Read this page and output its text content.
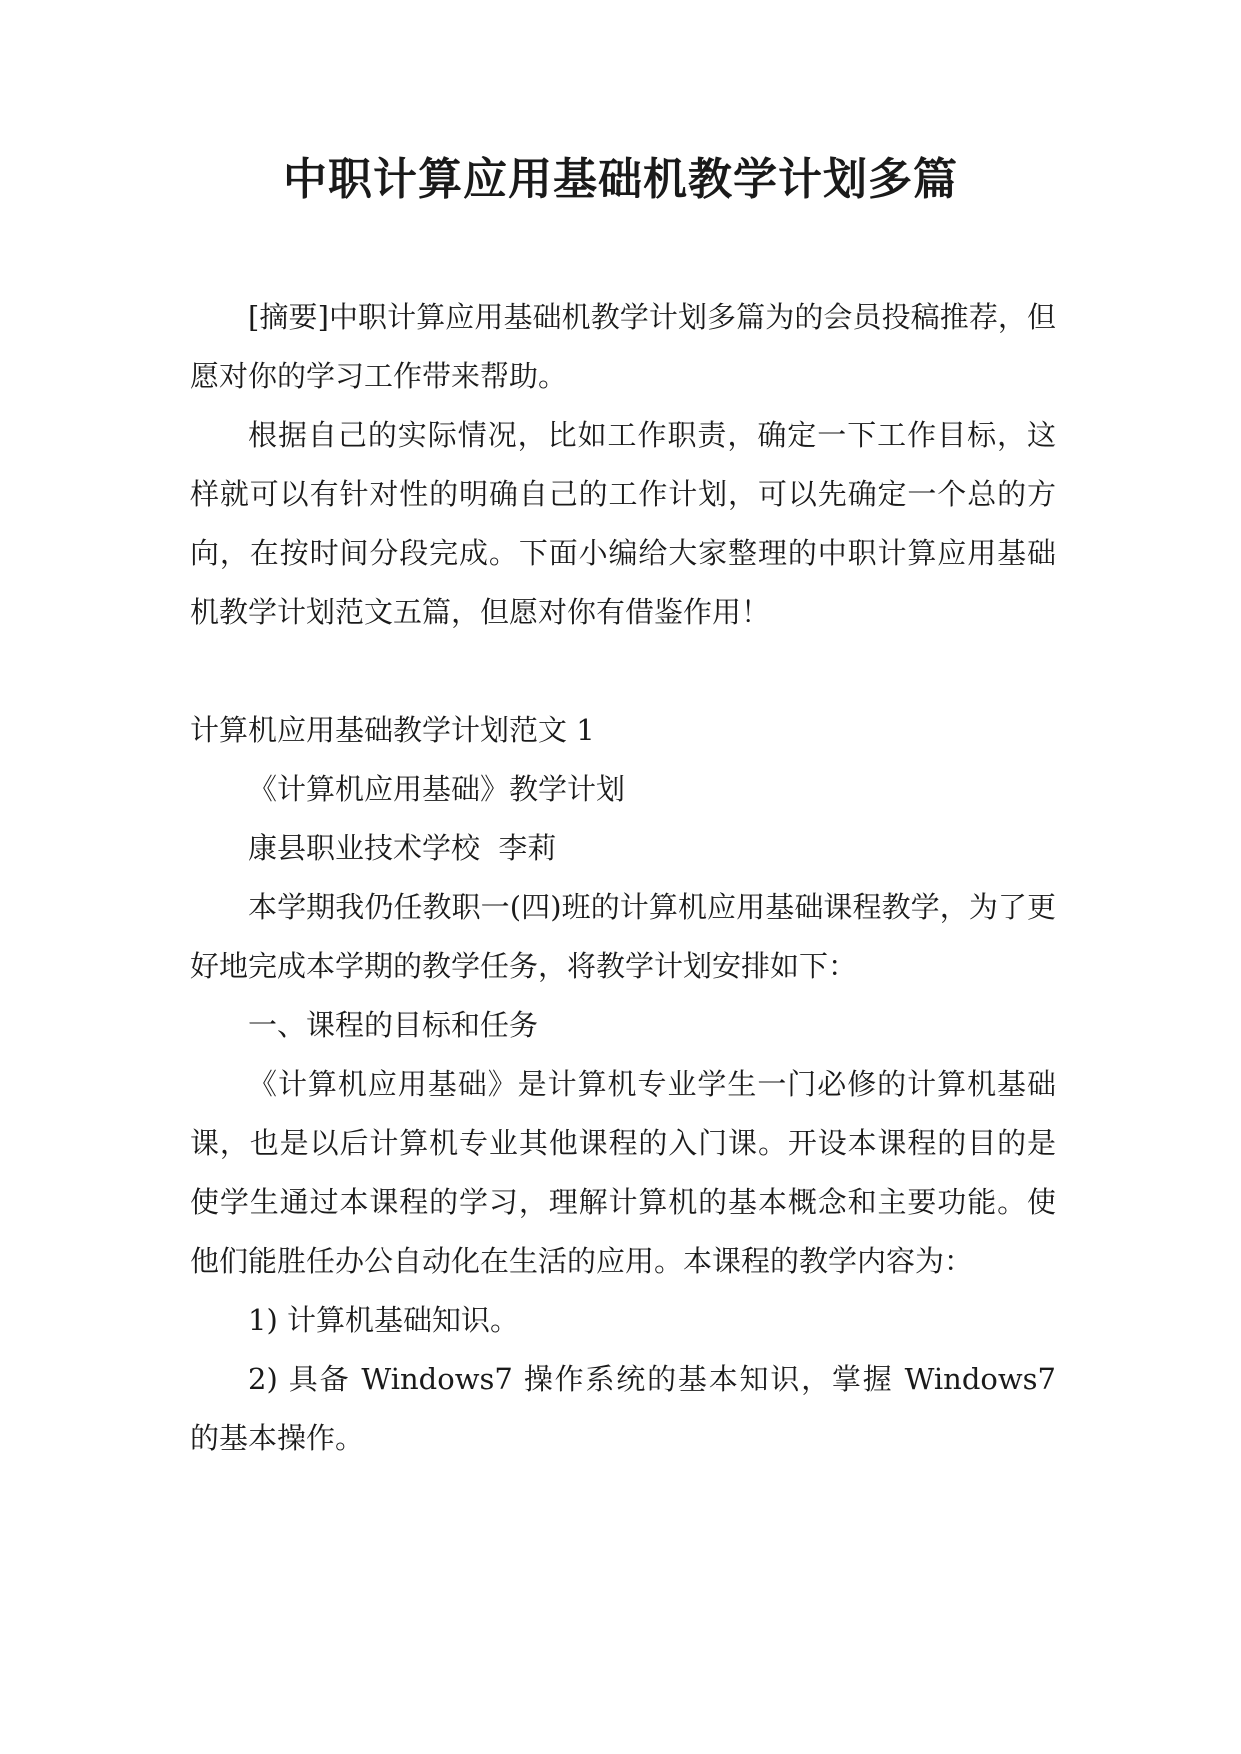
中职计算应用基础机教学计划多篇

[摘要]中职计算应用基础机教学计划多篇为的会员投稿推荐，但愿对你的学习工作带来帮助。

根据自己的实际情况，比如工作职责，确定一下工作目标，这样就可以有针对性的明确自己的工作计划，可以先确定一个总的方向，在按时间分段完成。下面小编给大家整理的中职计算应用基础机教学计划范文五篇，但愿对你有借鉴作用！

计算机应用基础教学计划范文 1

《计算机应用基础》教学计划

康县职业技术学校  李莉

本学期我仍任教职一(四)班的计算机应用基础课程教学，为了更好地完成本学期的教学任务，将教学计划安排如下：

一、课程的目标和任务

《计算机应用基础》是计算机专业学生一门必修的计算机基础课，也是以后计算机专业其他课程的入门课。开设本课程的目的是使学生通过本课程的学习，理解计算机的基本概念和主要功能。使他们能胜任办公自动化在生活的应用。本课程的教学内容为：

1) 计算机基础知识。

2) 具备 Windows7 操作系统的基本知识，掌握 Windows7 的基本操作。
